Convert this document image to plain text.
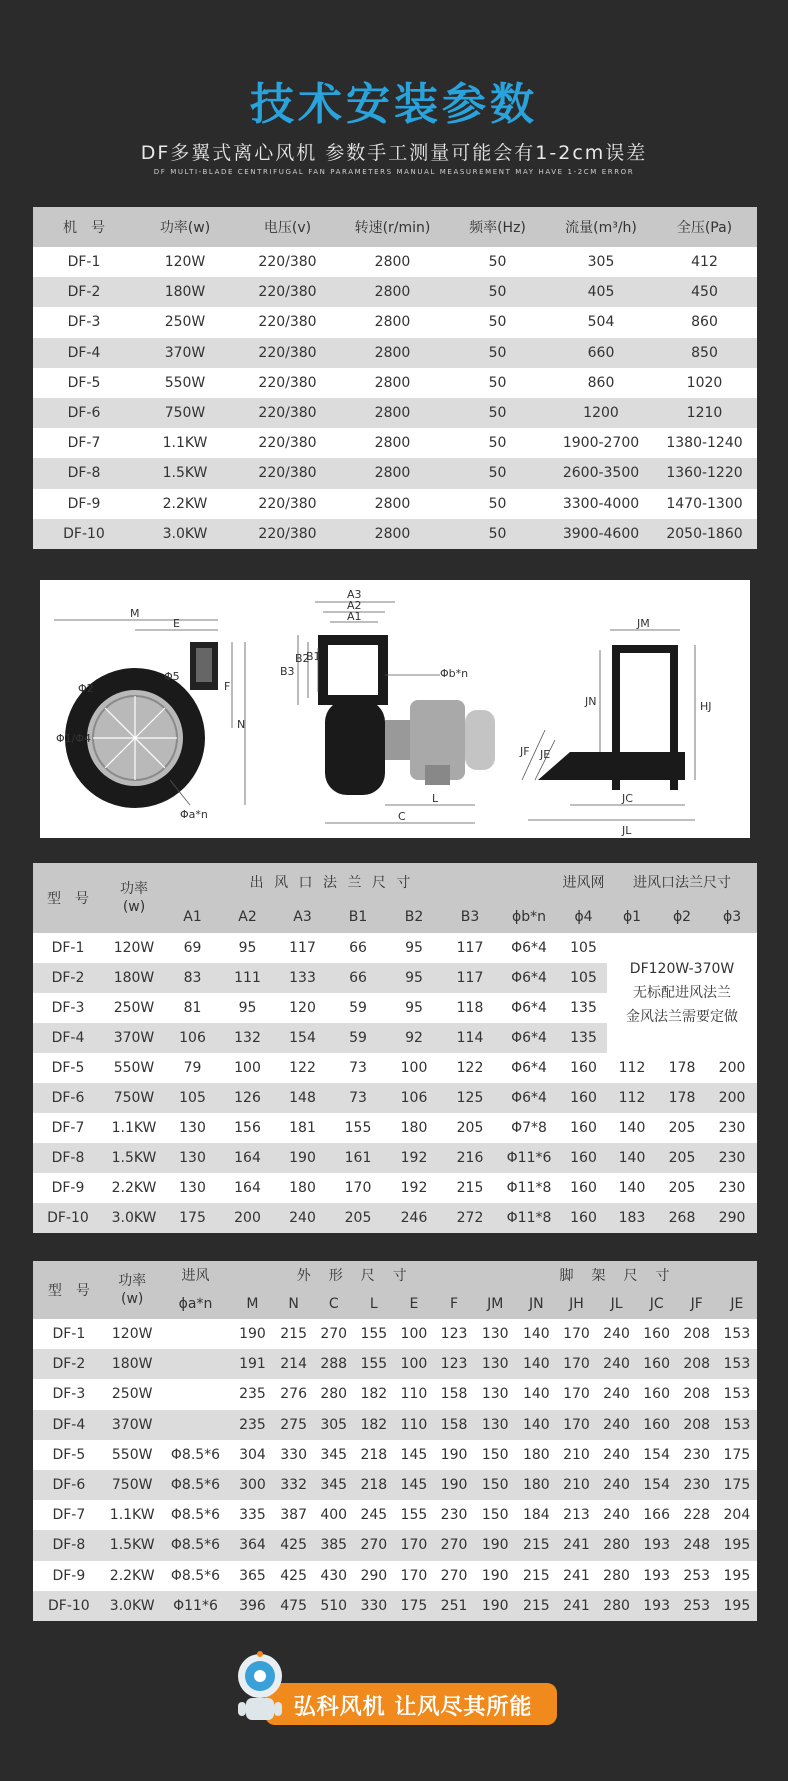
技术安装参数
DF多翼式离心风机 参数手工测量可能会有1-2cm误差
DF MULTI-BLADE CENTRIFUGAL FAN PARAMETERS MANUAL MEASUREMENT MAY HAVE 1-2CM ERROR
机　号	功率(w)	电压(v)	转速(r/min)	频率(Hz)	流量(m³/h)	全压(Pa)
DF-1	120W	220/380	2800	50	305	412
DF-2	180W	220/380	2800	50	405	450
DF-3	250W	220/380	2800	50	504	860
DF-4	370W	220/380	2800	50	660	850
DF-5	550W	220/380	2800	50	860	1020
DF-6	750W	220/380	2800	50	1200	1210
DF-7	1.1KW	220/380	2800	50	1900-2700	1380-1240
DF-8	1.5KW	220/380	2800	50	2600-3500	1360-1220
DF-9	2.2KW	220/380	2800	50	3300-4000	1470-1300
DF-10	3.0KW	220/380	2800	50	3900-4600	2050-1860
M
E
F
N
Φ2
Φ5
Φ1/Φ4
Φa*n
A3
A2
A1
B3
B2
B1
Φb*n
L
C
JM
JN	HJ
JF JE
JC
JL
型　号	功率
(w)	出 风 口 法 兰 尺 寸							进风网	进风口法兰尺寸		
		A1	A2	A3	B1	B2	B3	ϕb*n	ϕ4	ϕ1	ϕ2	ϕ3
DF-1	120W	69	95	117	66	95	117	Φ6*4	105	DF120W-370W
无标配进风法兰
金风法兰需要定做		

DF-2	180W	83	111	133	66	95	117	Φ6*4	105			
DF-3	250W	81	95	120	59	95	118	Φ6*4	135			
DF-4	370W	106	132	154	59	92	114	Φ6*4	135			
DF-5	550W	79	100	122	73	100	122	Φ6*4	160	112	178	200
DF-6	750W	105	126	148	73	106	125	Φ6*4	160	112	178	200
DF-7	1.1KW	130	156	181	155	180	205	Φ7*8	160	140	205	230
DF-8	1.5KW	130	164	190	161	192	216	Φ11*6	160	140	205	230
DF-9	2.2KW	130	164	180	170	192	215	Φ11*8	160	140	205	230
DF-10	3.0KW	175	200	240	205	246	272	Φ11*8	160	183	268	290
型　号	功率
(w)	进风	外　形　尺　寸						脚　架　尺　寸						
		ϕa*n	M	N	C	L	E	F	JM	JN	JH	JL	JC	JF	JE
DF-1	120W		190	215	270	155	100	123	130	140	170	240	160	208	153
DF-2	180W		191	214	288	155	100	123	130	140	170	240	160	208	153
DF-3	250W		235	276	280	182	110	158	130	140	170	240	160	208	153
DF-4	370W		235	275	305	182	110	158	130	140	170	240	160	208	153
DF-5	550W	Φ8.5*6	304	330	345	218	145	190	150	180	210	240	154	230	175
DF-6	750W	Φ8.5*6	300	332	345	218	145	190	150	180	210	240	154	230	175
DF-7	1.1KW	Φ8.5*6	335	387	400	245	155	230	150	184	213	240	166	228	204
DF-8	1.5KW	Φ8.5*6	364	425	385	270	170	270	190	215	241	280	193	248	195
DF-9	2.2KW	Φ8.5*6	365	425	430	290	170	270	190	215	241	280	193	253	195
DF-10	3.0KW	Φ11*6	396	475	510	330	175	251	190	215	241	280	193	253	195
弘科风机 让风尽其所能
